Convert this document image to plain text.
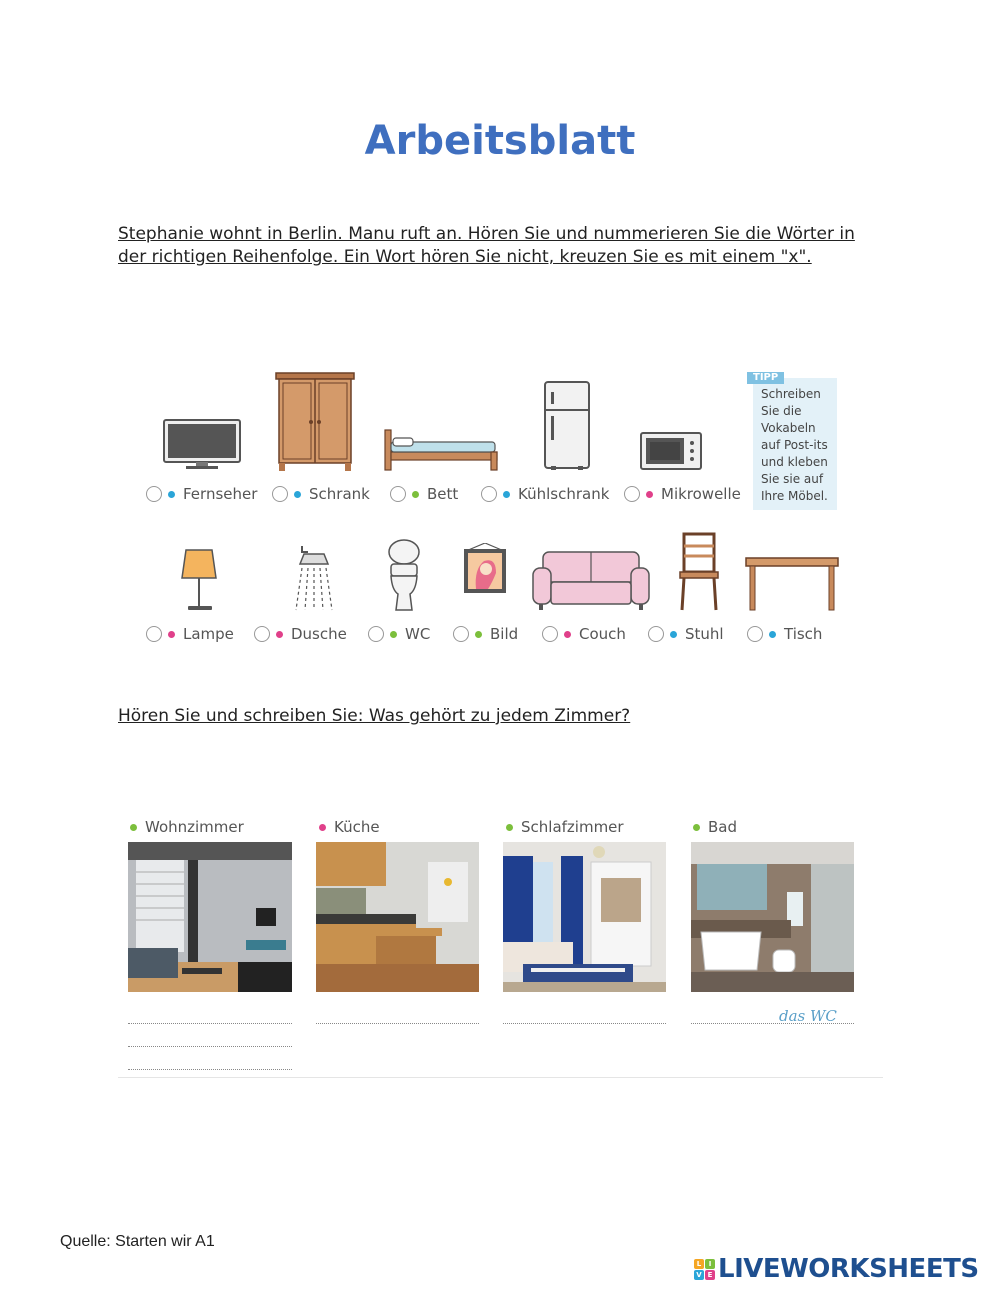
Arbeitsblatt
Stephanie wohnt in Berlin. Manu ruft an. Hören Sie und nummerieren Sie die Wörter in der richtigen Reihenfolge. Ein Wort hören Sie nicht, kreuzen Sie es mit einem "x".
Fernseher	Schrank	Bett	Kühlschrank	Mikrowelle
TIPP
Schreiben
Sie die
Vokabeln
auf Post-its
und kleben
Sie sie auf
Ihre Möbel.
Lampe	Dusche	WC	Bild	Couch	Stuhl	Tisch
Hören Sie und schreiben Sie: Was gehört zu jedem Zimmer?
Wohnzimmer	Küche	Schlafzimmer	Bad
das WC
Quelle: Starten wir A1
L	I
V E LIVEWORKSHEETS
